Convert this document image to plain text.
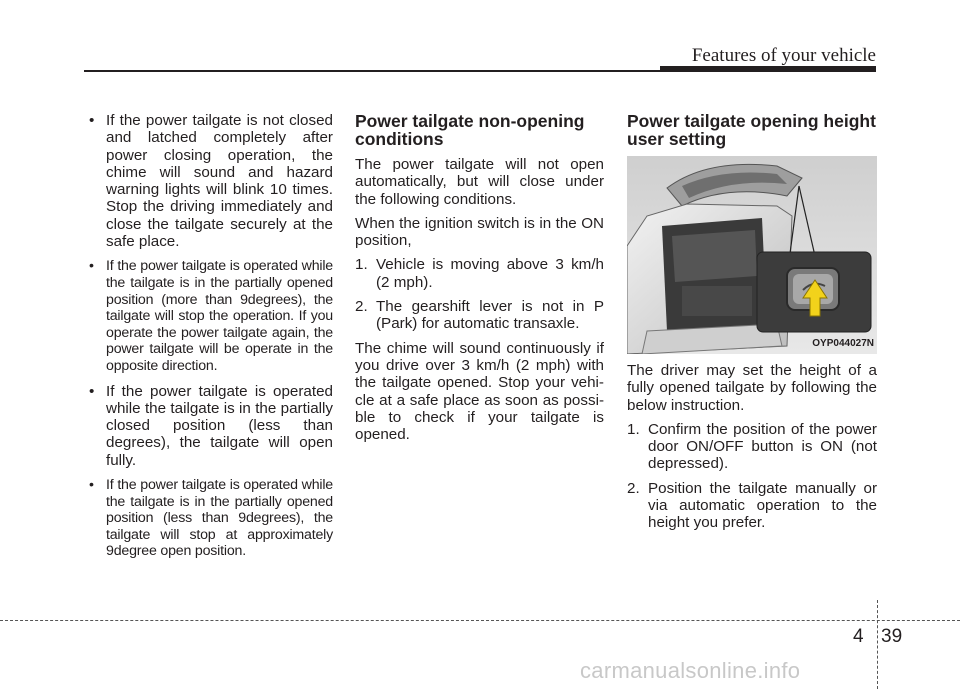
Features of your vehicle
• If the power tailgate is not closed and latched completely after power closing operation, the chime will sound and hazard warning lights will blink 10 times. Stop the driving immediately and close the tailgate securely at the safe place.
• If the power tailgate is operated while the tailgate is in the partially opened position (more than 9degrees), the tailgate will stop the operation. If you operate the power tailgate again, the power tailgate will be operate in the opposite direction.
• If the power tailgate is operated while the tailgate is in the partially closed position (less than degrees), the tailgate will open fully.
• If the power tailgate is operated while the tailgate is in the partially opened position (less than 9degrees), the tailgate will stop at approximately 9degree open position.
Power tailgate non-opening conditions

The power tailgate will not open automatically, but will close under the following conditions.

When the ignition switch is in the ON position,

1. Vehicle is moving above 3 km/h (2 mph).
2. The gearshift lever is not in P (Park) for automatic transaxle.

The chime will sound continuously if you drive over 3 km/h (2 mph) with the tailgate opened. Stop your vehi- cle at a safe place as soon as possi- ble to check if your tailgate is opened.

Power tailgate opening height user setting
OYP044027N

The driver may set the height of a fully opened tailgate by following the below instruction.

1. Confirm the position of the power door ON/OFF button is ON (not depressed).
2. Position the tailgate manually or via automatic operation to the height you prefer.
4 39
carmanualsonline.info
